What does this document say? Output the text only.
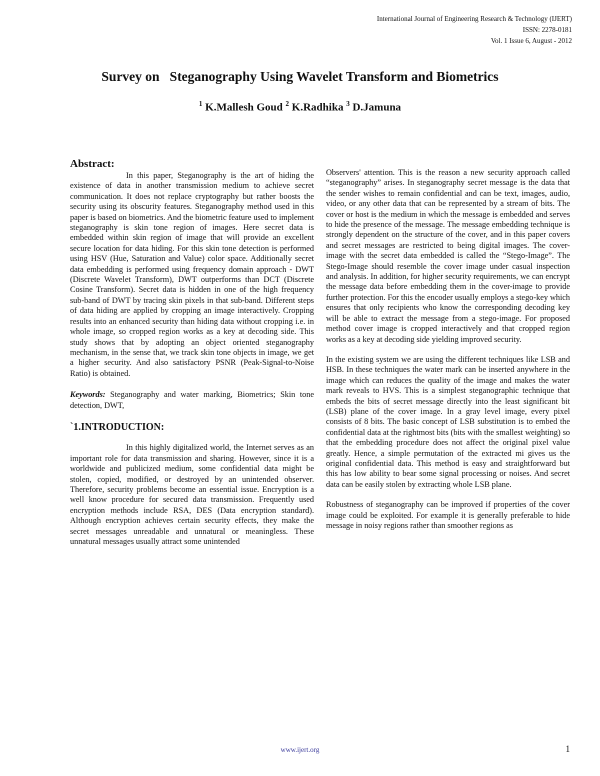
International Journal of Engineering Research & Technology (IJERT)
ISSN: 2278-0181
Vol. 1 Issue 6, August - 2012
Survey on   Steganography Using Wavelet Transform and Biometrics
$^1$ K.Mallesh Goud $^2$ K.Radhika $^3$ D.Jamuna
Abstract:

In this paper, Steganography is the art of hiding the existence of data in another transmission medium to achieve secret communication. It does not replace cryptography but rather boosts the security using its obscurity features. Steganography method used in this paper is based on biometrics. And the biometric feature used to implement steganography is skin tone region of images. Here secret data is embedded within skin region of image that will provide an excellent secure location for data hiding. For this skin tone detection is performed using HSV (Hue, Saturation and Value) color space. Additionally secret data embedding is performed using frequency domain approach - DWT (Discrete Wavelet Transform), DWT outperforms than DCT (Discrete Cosine Transform). Secret data is hidden in one of the high frequency sub-band of DWT by tracing skin pixels in that sub-band. Different steps of data hiding are applied by cropping an image interactively. Cropping results into an enhanced security than hiding data without cropping i.e. in whole image, so cropped region works as a key at decoding side. This study shows that by adopting an object oriented steganography mechanism, in the sense that, we track skin tone objects in image, we get a higher security. And also satisfactory PSNR (Peak-Signal-to-Noise Ratio) is obtained.

Keywords: Steganography and water marking, Biometrics; Skin tone detection, DWT,

`1.INTRODUCTION:

In this highly digitalized world, the Internet serves as an important role for data transmission and sharing. However, since it is a worldwide and publicized medium, some confidential data might be stolen, copied, modified, or destroyed by an unintended observer. Therefore, security problems become an essential issue. Encryption is a well know procedure for secured data transmission. Frequently used encryption methods include RSA, DES (Data encryption standard). Although encryption achieves certain security effects, they make the secret messages unreadable and unnatural or meaningless. These unnatural messages usually attract some unintended

Observers' attention. This is the reason a new security approach called “steganography” arises. In steganography secret message is the data that the sender wishes to remain confidential and can be text, images, audio, video, or any other data that can be represented by a stream of bits. The cover or host is the medium in which the message is embedded and serves to hide the presence of the message. The message embedding technique is strongly dependent on the structure of the cover, and in this paper covers and secret messages are restricted to being digital images. The cover-image with the secret data embedded is called the “Stego-Image”. The Stego-Image should resemble the cover image under casual inspection and analysis. In addition, for higher security requirements, we can encrypt the message data before embedding them in the cover-image to provide further protection. For this the encoder usually employs a stego-key which ensures that only recipients who know the corresponding decoding key will be able to extract the message from a stego-image. For proposed method cover image is cropped interactively and that cropped region works as a key at decoding side yielding improved security.

In the existing system we are using the different techniques like LSB and HSB. In these techniques the water mark can be inserted anywhere in the image which can reduces the quality of the image and makes the water mark reveals to HVS. This is a simplest steganographic technique that embeds the bits of secret message directly into the least significant bit (LSB) plane of the cover image. In a gray level image, every pixel consists of 8 bits. The basic concept of LSB substitution is to embed the confidential data at the rightmost bits (bits with the smallest weighting) so that the embedding procedure does not affect the original pixel value greatly. Hence, a simple permutation of the extracted mi gives us the original confidential data. This method is easy and straightforward but this has low ability to bear some signal processing or noises. And secret data can be easily stolen by extracting whole LSB plane.

Robustness of steganography can be improved if properties of the cover image could be exploited. For example it is generally preferable to hide message in noisy regions rather than smoother regions as

www.ijert.org	1
